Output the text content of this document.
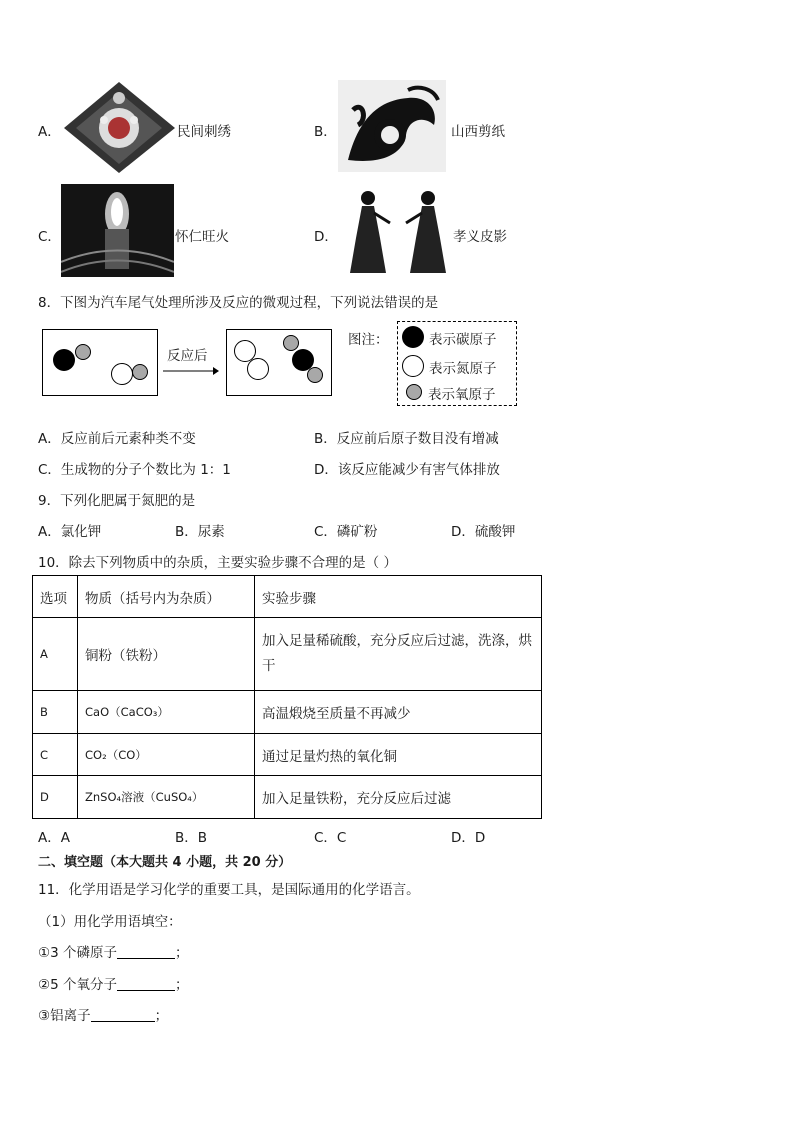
A．	民间刺绣	B．	山西剪纸
C．	怀仁旺火	D．	孝义皮影
8．下图为汽车尾气处理所涉及反应的微观过程，下列说法错误的是
反应后
图注：	表示碳原子
表示氮原子
表示氧原子
A．反应前后元素种类不变	B．反应前后原子数目没有增减
C．生成物的分子个数比为 1：1	D．该反应能减少有害气体排放
9．下列化肥属于氮肥的是
A．氯化钾	B．尿素	C．磷矿粉	D．硫酸钾
10．除去下列物质中的杂质，主要实验步骤不合理的是（ ）
选项	物质（括号内为杂质）	实验步骤
A	铜粉（铁粉）	加入足量稀硫酸，充分反应后过滤，洗涤，烘干
B	CaO（CaCO₃）	高温煅烧至质量不再减少
C	CO₂（CO）	通过足量灼热的氧化铜
D	ZnSO₄溶液（CuSO₄）	加入足量铁粉，充分反应后过滤
A．A	B．B	C．C	D．D
二、填空题（本大题共 4 小题，共 20 分）
11．化学用语是学习化学的重要工具，是国际通用的化学语言。
（1）用化学用语填空：
①3 个磷原子	；
②5 个氧分子	；
③铝离子	；
